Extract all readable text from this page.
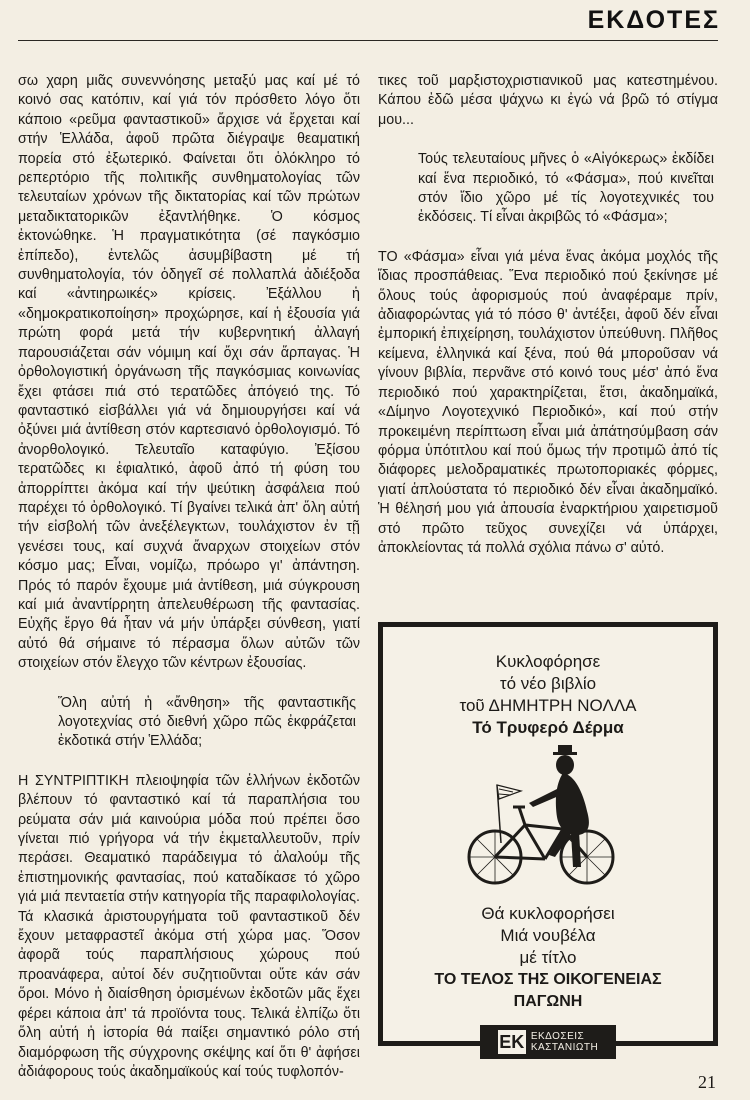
ΕΚΔΟΤΕΣ

σω χαρη μιᾶς συνεννόησης μεταξύ μας καί μέ τό κοινό σας κατόπιν, καί γιά τόν πρόσθετο λόγο ὅτι κάποιο «ρεῦμα φανταστικοῦ» ἄρχισε νά ἔρχεται καί στήν Ἑλλάδα, ἀφοῦ πρῶτα διέγραψε θεαματική πορεία στό ἐξωτερικό. Φαίνεται ὅτι ὁλόκληρο τό ρεπερτόριο τῆς πολιτικῆς συνθηματολογίας τῶν τελευταίων χρόνων τῆς δικτατορίας καί τῶν πρώτων μεταδικτατορικῶν ἐξαντλήθηκε. Ὁ κόσμος ἐκτονώθηκε. Ἡ πραγματικότητα (σέ παγκόσμιο ἐπίπεδο), ἐντελῶς ἀσυμβίβαστη μέ τή συνθηματολογία, τόν ὁδηγεῖ σέ πολλαπλά ἀδιέξοδα καί «ἀντιηρωικές» κρίσεις. Ἐξάλλου ἡ «δημοκρατικοποίηση» προχώρησε, καί ἡ ἐξουσία γιά πρώτη φορά μετά τήν κυβερνητική ἀλλαγή παρουσιάζεται σάν νόμιμη καί ὄχι σάν ἅρπαγας. Ἡ ὀρθολογιστική ὀργάνωση τῆς παγκόσμιας κοινωνίας ἔχει φτάσει πιά στό τερατῶδες ἀπόγειό της. Τό φανταστικό εἰσβάλλει γιά νά δημιουργήσει καί νά ὀξύνει μιά ἀντίθεση στόν καρτεσιανό ὀρθολογισμό. Τό ἀνορθολογικό. Τελευταῖο καταφύγιο. Ἐξίσου τερατῶδες κι ἐφιαλτικό, ἀφοῦ ἀπό τή φύση του ἀπορρίπτει ἀκόμα καί τήν ψεύτικη ἀσφάλεια πού παρέχει τό ὀρθολογικό. Τί βγαίνει τελικά ἀπ' ὅλη αὐτή τήν εἰσβολή τῶν ἀνεξέλεγκτων, τουλάχιστον ἐν τῇ γενέσει τους, καί συχνά ἄναρχων στοιχείων στόν κόσμο μας; Εἶναι, νομίζω, πρόωρο γι' ἀπάντηση. Πρός τό παρόν ἔχουμε μιά ἀντίθεση, μιά σύγκρουση καί μιά ἀναντίρρητη ἀπελευθέρωση τῆς φαντασίας. Εὐχῆς ἔργο θά ἦταν νά μήν ὑπάρξει σύνθεση, γιατί αὐτό θά σήμαινε τό πέρασμα ὅλων αὐτῶν τῶν στοιχείων στόν ἔλεγχο τῶν κέντρων ἐξουσίας.

Ὅλη αὐτή ἡ «ἄνθηση» τῆς φανταστικῆς λογοτεχνίας στό διεθνή χῶρο πῶς ἐκφράζεται ἐκδοτικά στήν Ἑλλάδα;

Η ΣΥΝΤΡΙΠΤΙΚΗ πλειοψηφία τῶν ἑλλήνων ἐκδοτῶν βλέπουν τό φανταστικό καί τά παραπλήσια του ρεύματα σάν μιά καινούρια μόδα πού πρέπει ὅσο γίνεται πιό γρήγορα νά τήν ἐκμεταλλευτοῦν, πρίν περάσει. Θεαματικό παράδειγμα τό ἀλαλούμ τῆς ἐπιστημονικής φαντασίας, πού καταδίκασε τό χῶρο γιά μιά πενταετία στήν κατηγορία τῆς παραφιλολογίας. Τά κλασικά ἀριστουργήματα τοῦ φανταστικοῦ δέν ἔχουν μεταφραστεῖ ἀκόμα στή χώρα μας. Ὅσον ἀφορᾶ τούς παραπλήσιους χώρους πού προανάφερα, αὐτοί δέν συζητιοῦνται οὔτε κάν σάν ὅροι. Μόνο ἡ διαίσθηση ὁρισμένων ἐκδοτῶν μᾶς ἔχει φέρει κάποια ἀπ' τά προϊόντα τους. Τελικά ἐλπίζω ὅτι ὅλη αὐτή ἡ ἱστορία θά παίξει σημαντικό ρόλο στή διαμόρφωση τῆς σύγχρονης σκέψης καί ὅτι θ' ἀφήσει ἀδιάφορους τούς ἀκαδημαϊκούς καί τούς τυφλοπόν-

τικες τοῦ μαρξιστοχριστιανικοῦ μας κατεστημένου. Κάπου ἐδῶ μέσα ψάχνω κι ἐγώ νά βρῶ τό στίγμα μου...

Τούς τελευταίους μῆνες ὁ «Αἰγόκερως» ἐκδίδει καί ἕνα περιοδικό, τό «Φάσμα», πού κινεῖται στόν ἴδιο χῶρο μέ τίς λογοτεχνικές του ἐκδόσεις. Τί εἶναι ἀκριβῶς τό «Φάσμα»;

ΤΟ «Φάσμα» εἶναι γιά μένα ἕνας ἀκόμα μοχλός τῆς ἴδιας προσπάθειας. Ἕνα περιοδικό πού ξεκίνησε μέ ὅλους τούς ἀφορισμούς πού ἀναφέραμε πρίν, ἀδιαφορώντας γιά τό πόσο θ' ἀντέξει, ἀφοῦ δέν εἶναι ἐμπορική ἐπιχείρηση, τουλάχιστον ὑπεύθυνη. Πλῆθος κείμενα, ἑλληνικά καί ξένα, πού θά μποροῦσαν νά γίνουν βιβλία, περνᾶνε στό κοινό τους μέσ' ἀπό ἕνα περιοδικό πού χαρακτηρίζεται, ἔτσι, ἀκαδημαϊκά, «Δίμηνο Λογοτεχνικό Περιοδικό», καί πού στήν προκειμένη περίπτωση εἶναι μιά ἀπάτησύμβαση σάν φόρμα ὑπότιτλου καί πού ὅμως τήν προτιμῶ ἀπό τίς διάφορες μελοδραματικές πρωτοποριακές φόρμες, γιατί ἁπλούστατα τό περιοδικό δέν εἶναι ἀκαδημαϊκό. Ἡ θέλησή μου γιά ἀπουσία ἐναρκτήριου χαιρετισμοῦ στό πρῶτο τεῦχος συνεχίζει νά ὑπάρχει, ἀποκλείοντας τά πολλά σχόλια πάνω σ' αὐτό.

Κυκλοφόρησε
τό νέο βιβλίο
τοῦ ΔΗΜΗΤΡΗ ΝΟΛΛΑ
Τό Τρυφερό Δέρμα
Θά κυκλοφορήσει
Μιά νουβέλα
μέ τίτλο
ΤΟ ΤΕΛΟΣ ΤΗΣ ΟΙΚΟΓΕΝΕΙΑΣ
ΠΑΓΩΝΗ
ΕΚ ΕΚΔΟΣΕΙΣ
ΚΑΣΤΑΝΙΩΤΗ
21
